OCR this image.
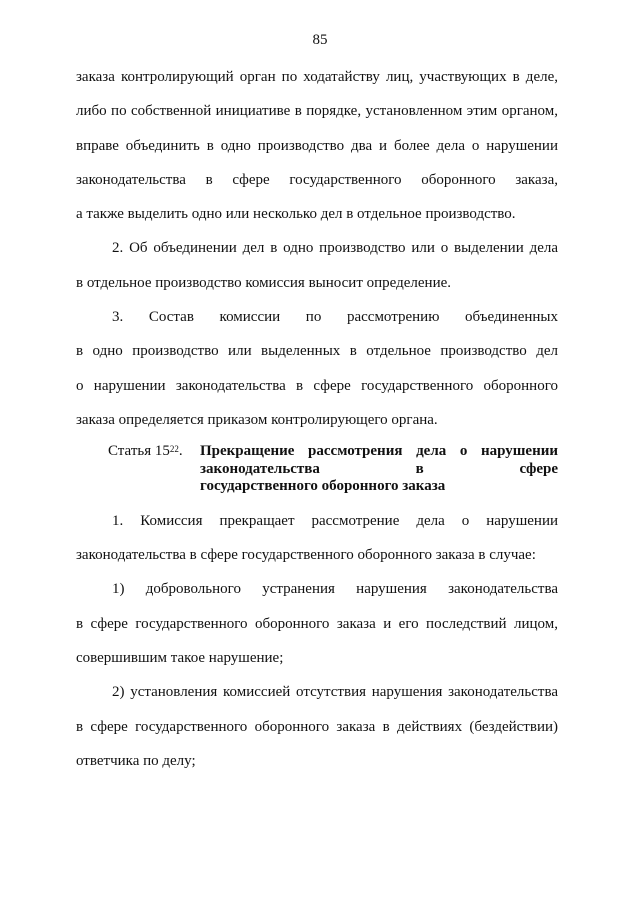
85
заказа контролирующий орган по ходатайству лиц, участвующих в деле,
либо по собственной инициативе в порядке, установленном этим органом,
вправе объединить в одно производство два и более дела о нарушении
законодательства в сфере государственного оборонного заказа,
а также выделить одно или несколько дел в отдельное производство.
2. Об объединении дел в одно производство или о выделении дела
в отдельное производство комиссия выносит определение.
3. Состав комиссии по рассмотрению объединенных
в одно производство или выделенных в отдельное производство дел
о нарушении законодательства в сфере государственного оборонного
заказа определяется приказом контролирующего органа.
Статья $15^{22}$.	Прекращение рассмотрения дела о нарушении
законодательства в сфере
государственного оборонного заказа
1. Комиссия прекращает рассмотрение дела о нарушении
законодательства в сфере государственного оборонного заказа в случае:
1) добровольного устранения нарушения законодательства
в сфере государственного оборонного заказа и его последствий лицом,
совершившим такое нарушение;
2) установления комиссией отсутствия нарушения законодательства
в сфере государственного оборонного заказа в действиях (бездействии)
ответчика по делу;
